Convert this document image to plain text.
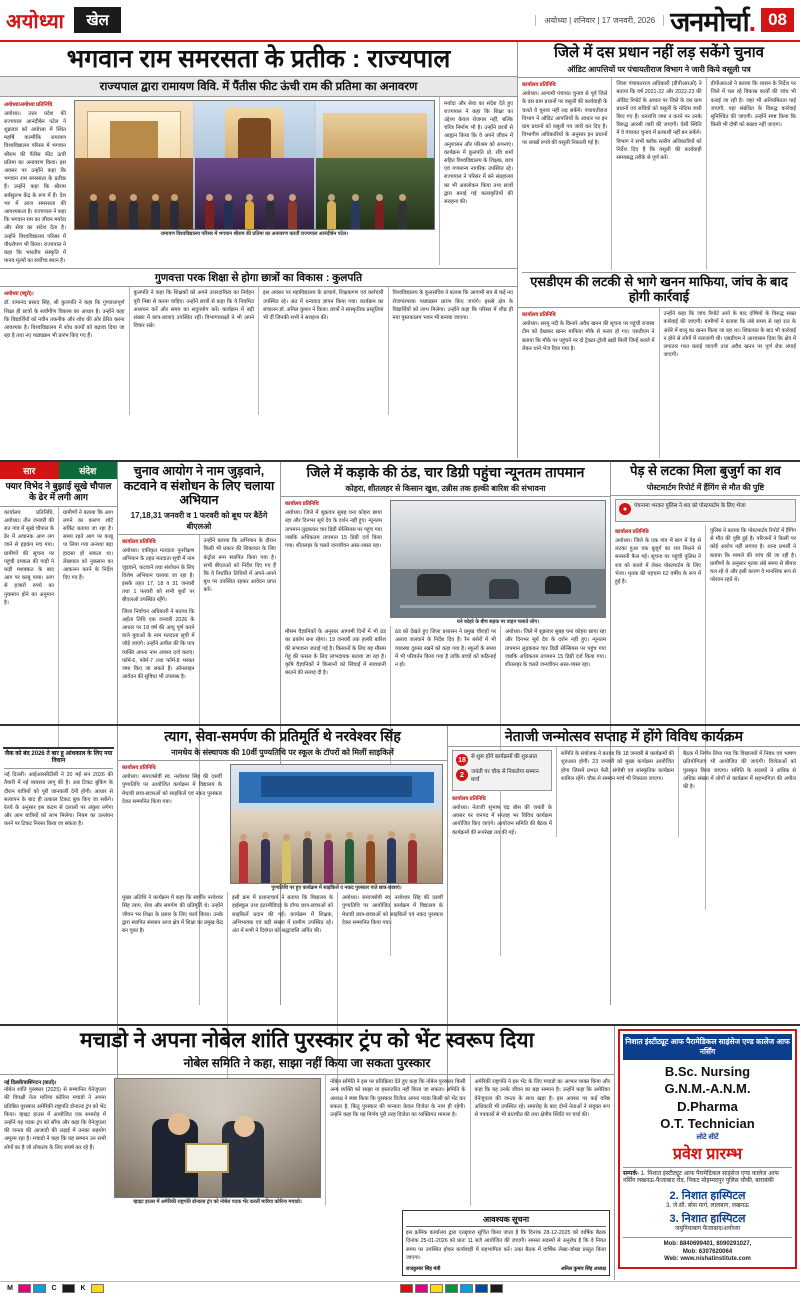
अयोध्या	खेल	अयोध्या | शनिवार | 17 जनवरी, 2026 जनमोर्चा. 08
भगवान राम समरसता के प्रतीक : राज्यपाल
राज्यपाल द्वारा रामायण विवि. में पैंतीस फीट ऊंची राम की प्रतिमा का अनावरण
अयोध्या/अयोध्या प्रतिनिधि
अयोध्या। उत्तर प्रदेश की राज्यपाल आनंदीबेन पटेल ने शुक्रवार को अयोध्या में स्थित महर्षि वाल्मीकि रामायण विश्वविद्यालय परिसर में भगवान श्रीराम की पैंतीस फीट ऊंची प्रतिमा का अनावरण किया। इस अवसर पर उन्होंने कहा कि भगवान राम समरसता के प्रतीक हैं। उन्होंने कहा कि श्रीराम सर्वसुलभ केंद्र के रूप में हैं। देश भर में आज समरसता की आवश्यकता है। राज्यपाल ने कहा कि भगवान राम का जीवन मर्यादा और सेवा का संदेश देता है। उन्होंने विश्वविद्यालय परिसर में पौधरोपण भी किया। राज्यपाल ने कहा कि भारतीय संस्कृति में मानव मूल्यों का सर्वोच्च स्थान है।
रामायण विश्वविद्यालय परिसर में भगवान श्रीराम की प्रतिमा का अनावरण करतीं राज्यपाल आनंदीबेन पटेल।
मर्यादा और सेवा का संदेश देते हुए राज्यपाल ने कहा कि शिक्षा का उद्देश्य केवल रोजगार नहीं, बल्कि चरित्र निर्माण भी है। उन्होंने छात्रों से आह्वान किया कि वे अपने जीवन में अनुशासन और परिश्रम को अपनाएं। कार्यक्रम में कुलपति प्रो. रवि शर्मा सहित विश्वविद्यालय के शिक्षक, छात्र एवं गणमान्य नागरिक उपस्थित रहे। राज्यपाल ने परिसर में बने संग्रहालय का भी अवलोकन किया तथा छात्रों द्वारा बनाई गई कलाकृतियों की सराहना की।
गुणवत्ता परक शिक्षा से होगा छात्रों का विकास : कुलपति
अयोध्या (ब्यूरो)।
डॉ. रामानंद प्रसाद सिंह, श्री कुलपति ने कहा कि गुणवत्तापूर्ण शिक्षा ही छात्रों के सर्वांगीण विकास का आधार है। उन्होंने कहा कि विद्यार्थियों को नवीन तकनीक और शोध की ओर प्रेरित करना आवश्यक है। विश्वविद्यालय में शोध कार्यों को बढ़ावा दिया जा रहा है तथा नए पाठ्यक्रम भी प्रारंभ किए गए हैं।
कुलपति ने कहा कि शिक्षकों को अपने उत्तरदायित्व का निर्वहन पूरी निष्ठा से करना चाहिए। उन्होंने छात्रों से कहा कि वे नियमित अध्ययन करें और समय का सदुपयोग करें। कार्यक्रम में बड़ी संख्या में छात्र-छात्राएं उपस्थित रहीं। विभागाध्यक्षों ने भी अपने विचार रखे।
इस अवसर पर महाविद्यालय के प्राचार्य, शिक्षकगण एवं कर्मचारी उपस्थित रहे। अंत में धन्यवाद ज्ञापन किया गया। कार्यक्रम का संचालन डॉ. अनिल कुमार ने किया। छात्रों ने सांस्कृतिक प्रस्तुतियां भी दीं जिनकी सभी ने सराहना की।
विश्वविद्यालय के कुलसचिव ने बताया कि आगामी सत्र से कई नए रोजगारपरक पाठ्यक्रम प्रारंभ किए जाएंगे। इससे क्षेत्र के विद्यार्थियों को लाभ मिलेगा। उन्होंने कहा कि परिसर में शीघ्र ही नया पुस्तकालय भवन भी बनाया जाएगा।
जिले में दस प्रधान नहीं लड़ सकेंगे चुनाव
ऑडिट आपत्तियों पर पंचायतीराज विभाग ने जारी किये वसूली पत्र
कार्यालय प्रतिनिधि
अयोध्या। आगामी पंचायत चुनाव से पूर्व जिले के दस ग्राम प्रधानों पर वसूली की कार्यवाही के चलते वे चुनाव नहीं लड़ सकेंगे। पंचायतीराज विभाग ने ऑडिट आपत्तियों के आधार पर इन ग्राम प्रधानों को वसूली पत्र जारी कर दिए हैं। विभागीय अधिकारियों के अनुसार इन प्रधानों पर लाखों रुपये की वसूली निकाली गई है।
जिला पंचायतराज अधिकारी (डीपीआरओ) ने बताया कि वर्ष 2021-22 और 2022-23 की ऑडिट रिपोर्ट के आधार पर जिले के दस ग्राम प्रधानों एवं सचिवों को वसूली के नोटिस जारी किए गए हैं। धनराशि जमा न करने पर उनके विरुद्ध आरसी जारी की जाएगी। ऐसी स्थिति में वे पंचायत चुनाव में प्रत्याशी नहीं बन सकेंगे। विभाग ने सभी ब्लॉक स्तरीय अधिकारियों को निर्देश दिए हैं कि वसूली की कार्यवाही समयबद्ध तरीके से पूर्ण करें।
डीपीआरओ ने बताया कि शासन के निर्देश पर जिले में चल रहे विकास कार्यों की जांच भी कराई जा रही है। जहां भी अनियमितता पाई जाएगी, वहां संबंधित के विरुद्ध कार्रवाई सुनिश्चित की जाएगी। उन्होंने स्पष्ट किया कि किसी भी दोषी को बख्शा नहीं जाएगा।
एसडीएम की लटकी से भागे खनन माफिया, जांच के बाद होगी कार्रवाई
कार्यालय प्रतिनिधि
अयोध्या। सरयू नदी के किनारे अवैध खनन की सूचना पर पहुंची राजस्व टीम को देखकर खनन माफिया मौके से फरार हो गए। एसडीएम ने बताया कि मौके पर पहुंचने पर दो ट्रैक्टर-ट्रॉली खड़ी मिलीं जिन्हें कब्जे में लेकर थाने भेज दिया गया है।
उन्होंने कहा कि जांच रिपोर्ट आने के बाद दोषियों के विरुद्ध सख्त कार्रवाई की जाएगी। ग्रामीणों ने बताया कि लंबे समय से यहां रात के अंधेरे में बालू का खनन किया जा रहा था। शिकायत के बाद भी कार्रवाई न होने से लोगों में नाराजगी थी। एसडीएम ने आश्वासन दिया कि क्षेत्र में लगातार गश्त कराई जाएगी तथा अवैध खनन पर पूर्ण रोक लगाई जाएगी।
सार	संदेश
फ्यार विभेद ने बुझाई सूखे चौपाल के ढेर में लगी आग
कार्यालय प्रतिनिधि, अयोध्या। तीन जनवरी की रात गांव में सूखे चौपाल के ढेर में अचानक आग लग जाने से हड़कंप मच गया। ग्रामीणों की सूचना पर पहुंची दमकल की गाड़ी ने कड़ी मशक्कत के बाद आग पर काबू पाया। आग से हजारों रुपये का नुकसान होने का अनुमान है।
ग्रामीणों ने बताया कि आग लगने का कारण शॉर्ट सर्किट बताया जा रहा है। समय रहते आग पर काबू पा लिया गया अन्यथा बड़ा हादसा हो सकता था। लेखपाल को नुकसान का आकलन करने के निर्देश दिए गए हैं।
जैक को बंद 2026 ते बार हू आंधकाल के लिए नया विधान
नई दिल्ली। आईआरसीटीसी ने 20 मई सन 2026 की तैयारी में नई व्यवस्था लागू की है। अब टिकट बुकिंग के दौरान यात्रियों को पूरी जानकारी देनी होगी। आधार से सत्यापन के बाद ही तत्काल टिकट बुक किए जा सकेंगे। रेलवे के अनुसार इस कदम से दलालों पर अंकुश लगेगा और आम यात्रियों को लाभ मिलेगा। नियम का उल्लंघन करने पर टिकट निरस्त किया जा सकता है।
चुनाव आयोग ने नाम जुड़वाने, कटवाने व संशोधन के लिए चलाया अभियान
17,18,31 जनवरी व 1 फरवरी को बूथ पर बैठेंगे बीएलओ
कार्यालय प्रतिनिधि
अयोध्या। एकीकृत मतदाता पुनरीक्षण अभियान के तहत मतदाता सूची में नाम जुड़वाने, कटवाने तथा संशोधन के लिए विशेष अभियान चलाया जा रहा है। इसके तहत 17, 18 व 31 जनवरी तथा 1 फरवरी को सभी बूथों पर बीएलओ उपस्थित रहेंगे।
जिला निर्वाचन अधिकारी ने बताया कि अर्हता तिथि एक जनवरी 2026 के आधार पर 18 वर्ष की आयु पूर्ण करने वाले युवाओं के नाम मतदाता सूची में जोड़े जाएंगे। उन्होंने अपील की कि पात्र व्यक्ति अपना नाम अवश्य दर्ज कराएं। फॉर्म-6, फॉर्म-7 तथा फॉर्म-8 भरकर जमा किए जा सकते हैं। ऑनलाइन आवेदन की सुविधा भी उपलब्ध है।
उन्होंने बताया कि अभियान के दौरान किसी भी प्रकार की शिकायत के लिए कंट्रोल रूम स्थापित किया गया है। सभी बीएलओ को निर्देश दिए गए हैं कि वे निर्धारित तिथियों में अपने-अपने बूथ पर उपस्थित रहकर आवेदन प्राप्त करें।
जिले में कड़ाके की ठंड, चार डिग्री पहुंचा न्यूनतम तापमान
कोहरा, शीतलहर से किसान खुश, उन्नीस तक हल्की बारिश की संभावना
कार्यालय प्रतिनिधि
अयोध्या। जिले में शुक्रवार सुबह घना कोहरा छाया रहा और दिनभर सूर्य देव के दर्शन नहीं हुए। न्यूनतम तापमान लुढ़ककर चार डिग्री सेल्सियस पर पहुंच गया जबकि अधिकतम तापमान 15 डिग्री दर्ज किया गया। शीतलहर के चलते जनजीवन अस्त-व्यस्त रहा।
घने कोहरे के बीच सड़क पर वाहन चलाते लोग।
मौसम वैज्ञानिकों के अनुसार आगामी दिनों में भी ठंड का प्रकोप बना रहेगा। 19 जनवरी तक हल्की बारिश की संभावना जताई गई है। किसानों के लिए यह मौसम गेहूं की फसल के लिए लाभदायक बताया जा रहा है। कृषि वैज्ञानिकों ने किसानों को सिंचाई में सावधानी बरतने की सलाह दी है।
ठंड को देखते हुए जिला प्रशासन ने प्रमुख चौराहों पर अलाव जलवाने के निर्देश दिए हैं। रैन बसेरों में भी व्यवस्था दुरुस्त रखने को कहा गया है। स्कूलों के समय में भी परिवर्तन किया गया है ताकि बच्चों को कठिनाई न हो।
अयोध्या। जिले में शुक्रवार सुबह घना कोहरा छाया रहा और दिनभर सूर्य देव के दर्शन नहीं हुए। न्यूनतम तापमान लुढ़ककर चार डिग्री सेल्सियस पर पहुंच गया जबकि अधिकतम तापमान 15 डिग्री दर्ज किया गया। शीतलहर के चलते जनजीवन अस्त-व्यस्त रहा।
पेड़ से लटका मिला बुजुर्ग का शव
पोस्टमार्टम रिपोर्ट में हैंगिंग से मौत की पुष्टि
●	पंचनामा भरकर पुलिस ने शव को पोस्टमार्टम के लिए भेजा
कार्यालय प्रतिनिधि
अयोध्या। जिले के एक गांव में बाग में पेड़ से लटका हुआ एक बुजुर्ग का शव मिलने से सनसनी फैल गई। सूचना पर पहुंची पुलिस ने शव को कब्जे में लेकर पोस्टमार्टम के लिए भेजा। मृतक की पहचान 62 वर्षीय के रूप में हुई है।
पुलिस ने बताया कि पोस्टमार्टम रिपोर्ट में हैंगिंग से मौत की पुष्टि हुई है। परिजनों ने किसी पर कोई आरोप नहीं लगाया है। थाना प्रभारी ने बताया कि मामले की जांच की जा रही है। ग्रामीणों के अनुसार मृतक लंबे समय से बीमार चल रहे थे और इसी कारण वे मानसिक रूप से परेशान रहते थे।
त्याग, सेवा-समर्पण की प्रतिमूर्ति थे नरवेश्वर सिंह
नामधेय के संस्थापक की 10वीं पुण्यतिथि पर स्कूल के टॉपरों को मिलीं साइकिलें
कार्यालय प्रतिनिधि
अयोध्या। समाजसेवी स्व. नरवेश्वर सिंह की दसवीं पुण्यतिथि पर आयोजित कार्यक्रम में विद्यालय के मेधावी छात्र-छात्राओं को साइकिलें एवं नकद पुरस्कार देकर सम्मानित किया गया।
पुण्यतिथि पर हुए कार्यक्रम में साइकिलें व नकद पुरस्कार पाते छात्र-छात्राएं।
मुख्य अतिथि ने कार्यक्रम में कहा कि स्वर्गीय नरवेश्वर सिंह त्याग, सेवा और समर्पण की प्रतिमूर्ति थे। उन्होंने जीवन भर शिक्षा के प्रसार के लिए कार्य किया। उनके द्वारा स्थापित संस्थान आज क्षेत्र में शिक्षा का प्रमुख केंद्र बन चुका है।
इसी क्रम में प्रधानाचार्य ने बताया कि विद्यालय के हाईस्कूल तथा इंटरमीडिएट के टॉपर छात्र-छात्राओं को साइकिलें प्रदान की गईं। कार्यक्रम में शिक्षक, अभिभावक एवं बड़ी संख्या में ग्रामीण उपस्थित रहे। अंत में सभी ने दिवंगत को श्रद्धांजलि अर्पित की।
अयोध्या। समाजसेवी स्व. नरवेश्वर सिंह की दसवीं पुण्यतिथि पर आयोजित कार्यक्रम में विद्यालय के मेधावी छात्र-छात्राओं को साइकिलें एवं नकद पुरस्कार देकर सम्मानित किया गया।
नेताजी जन्मोत्सव सप्ताह में होंगे विविध कार्यक्रम
18 से शुरू होंगे कार्यक्रमों की शुरुआत
2	जयंती पर चौक से निकलेगा सम्मान मार्च
कार्यालय प्रतिनिधि
अयोध्या। नेताजी सुभाष चंद्र बोस की जयंती के अवसर पर जनपद में सप्ताह भर विविध कार्यक्रम आयोजित किए जाएंगे। आयोजन समिति की बैठक में कार्यक्रमों की रूपरेखा तय की गई।
समिति के संयोजक ने बताया कि 18 जनवरी से कार्यक्रमों की शुरुआत होगी। 23 जनवरी को मुख्य कार्यक्रम आयोजित होगा जिसमें प्रभात फेरी, संगोष्ठी एवं सांस्कृतिक कार्यक्रम शामिल रहेंगे। चौक से सम्मान मार्च भी निकाला जाएगा।
बैठक में निर्णय लिया गया कि विद्यालयों में निबंध एवं भाषण प्रतियोगिताएं भी आयोजित की जाएंगी। विजेताओं को पुरस्कृत किया जाएगा। समिति के सदस्यों ने अधिक से अधिक संख्या में लोगों से कार्यक्रम में सहभागिता की अपील की है।
मचाडो ने अपना नोबेल शांति पुरस्कार ट्रंप को भेंट स्वरूप दिया
नोबेल समिति ने कहा, साझा नहीं किया जा सकता पुरस्कार
नई दिल्ली/वाशिंगटन (वार्ता)।
नोबेल शांति पुरस्कार (2025) से सम्मानित वेनेजुएला की विपक्षी नेता मारिया कोरिना मचाडो ने अपना प्रतिष्ठित पुरस्कार अमेरिकी राष्ट्रपति डोनाल्ड ट्रंप को भेंट किया। व्हाइट हाउस में आयोजित एक समारोह में उन्होंने यह पदक ट्रंप को सौंपा और कहा कि वेनेजुएला की जनता की आजादी की लड़ाई में उनका सहयोग अमूल्य रहा है। मचाडो ने कहा कि यह सम्मान उन सभी लोगों का है जो लोकतंत्र के लिए संघर्ष कर रहे हैं।
व्हाइट हाउस में अमेरिकी राष्ट्रपति डोनाल्ड ट्रंप को नोबेल पदक भेंट करतीं मारिया कोरिना मचाडो।
नोबेल समिति ने इस पर प्रतिक्रिया देते हुए कहा कि नोबेल पुरस्कार किसी अन्य व्यक्ति को साझा या हस्तांतरित नहीं किया जा सकता। समिति के अध्यक्ष ने स्पष्ट किया कि पुरस्कार विजेता अपना पदक किसी को भेंट कर सकता है, किंतु पुरस्कार की मान्यता केवल विजेता के नाम ही रहेगी। उन्होंने कहा कि यह निर्णय पूरी तरह विजेता का व्यक्तिगत मामला है।
अमेरिकी राष्ट्रपति ने इस भेंट के लिए मचाडो का आभार व्यक्त किया और कहा कि यह उनके जीवन का बड़ा सम्मान है। उन्होंने कहा कि अमेरिका वेनेजुएला की जनता के साथ खड़ा है। इस अवसर पर कई वरिष्ठ अधिकारी भी उपस्थित रहे। समारोह के बाद दोनों नेताओं ने संयुक्त रूप से पत्रकारों से भी बातचीत की तथा क्षेत्रीय स्थिति पर चर्चा की।
आवश्यक सूचना
इस क्रमिक कार्यालय द्वारा एतद्द्वारा सूचित किया जाता है कि दिनांक 28-12-2025 को वार्षिक बैठक दिनांक 25-01-2026 को प्रातः 11 बजे आयोजित की जाएगी। समस्त सदस्यों से अनुरोध है कि वे नियत समय पर उपस्थित होकर कार्यवाही में सहभागिता करें। उक्त बैठक में वार्षिक लेखा-जोखा प्रस्तुत किया जाएगा।
राजकुमार सिंह मंत्री	अनिल कुमार सिंह अध्यक्ष
निशात इंस्टीट्यूट आफ पैरामेडिकल साइंसेज एण्ड कालेज आफ नर्सिंग
B.Sc. Nursing
G.N.M.-A.N.M.
D.Pharma
O.T. Technician
लोटे सीटें
प्रवेश प्रारम्भ
सम्पर्क- 1. निशात इंस्टीट्यूट आफ पैरामेडिकल साइंसेज एण्ड कालेज आफ नर्सिंग लखनऊ-फैजाबाद रोड, निकट मोहम्मदपुर पुलिस चौकी, बाराबंकी
2. निशात हास्पिटल
3. जे.सी. बोस मार्ग, लालबाग, लखनऊ
3. निशात हास्पिटल
जमुनियाबाग फैजाबाद/अयोध्या
Mob: 8840699401, 8090291027,
Mob: 6307620064
Web: www.nishatinstitute.com
M	C	K
